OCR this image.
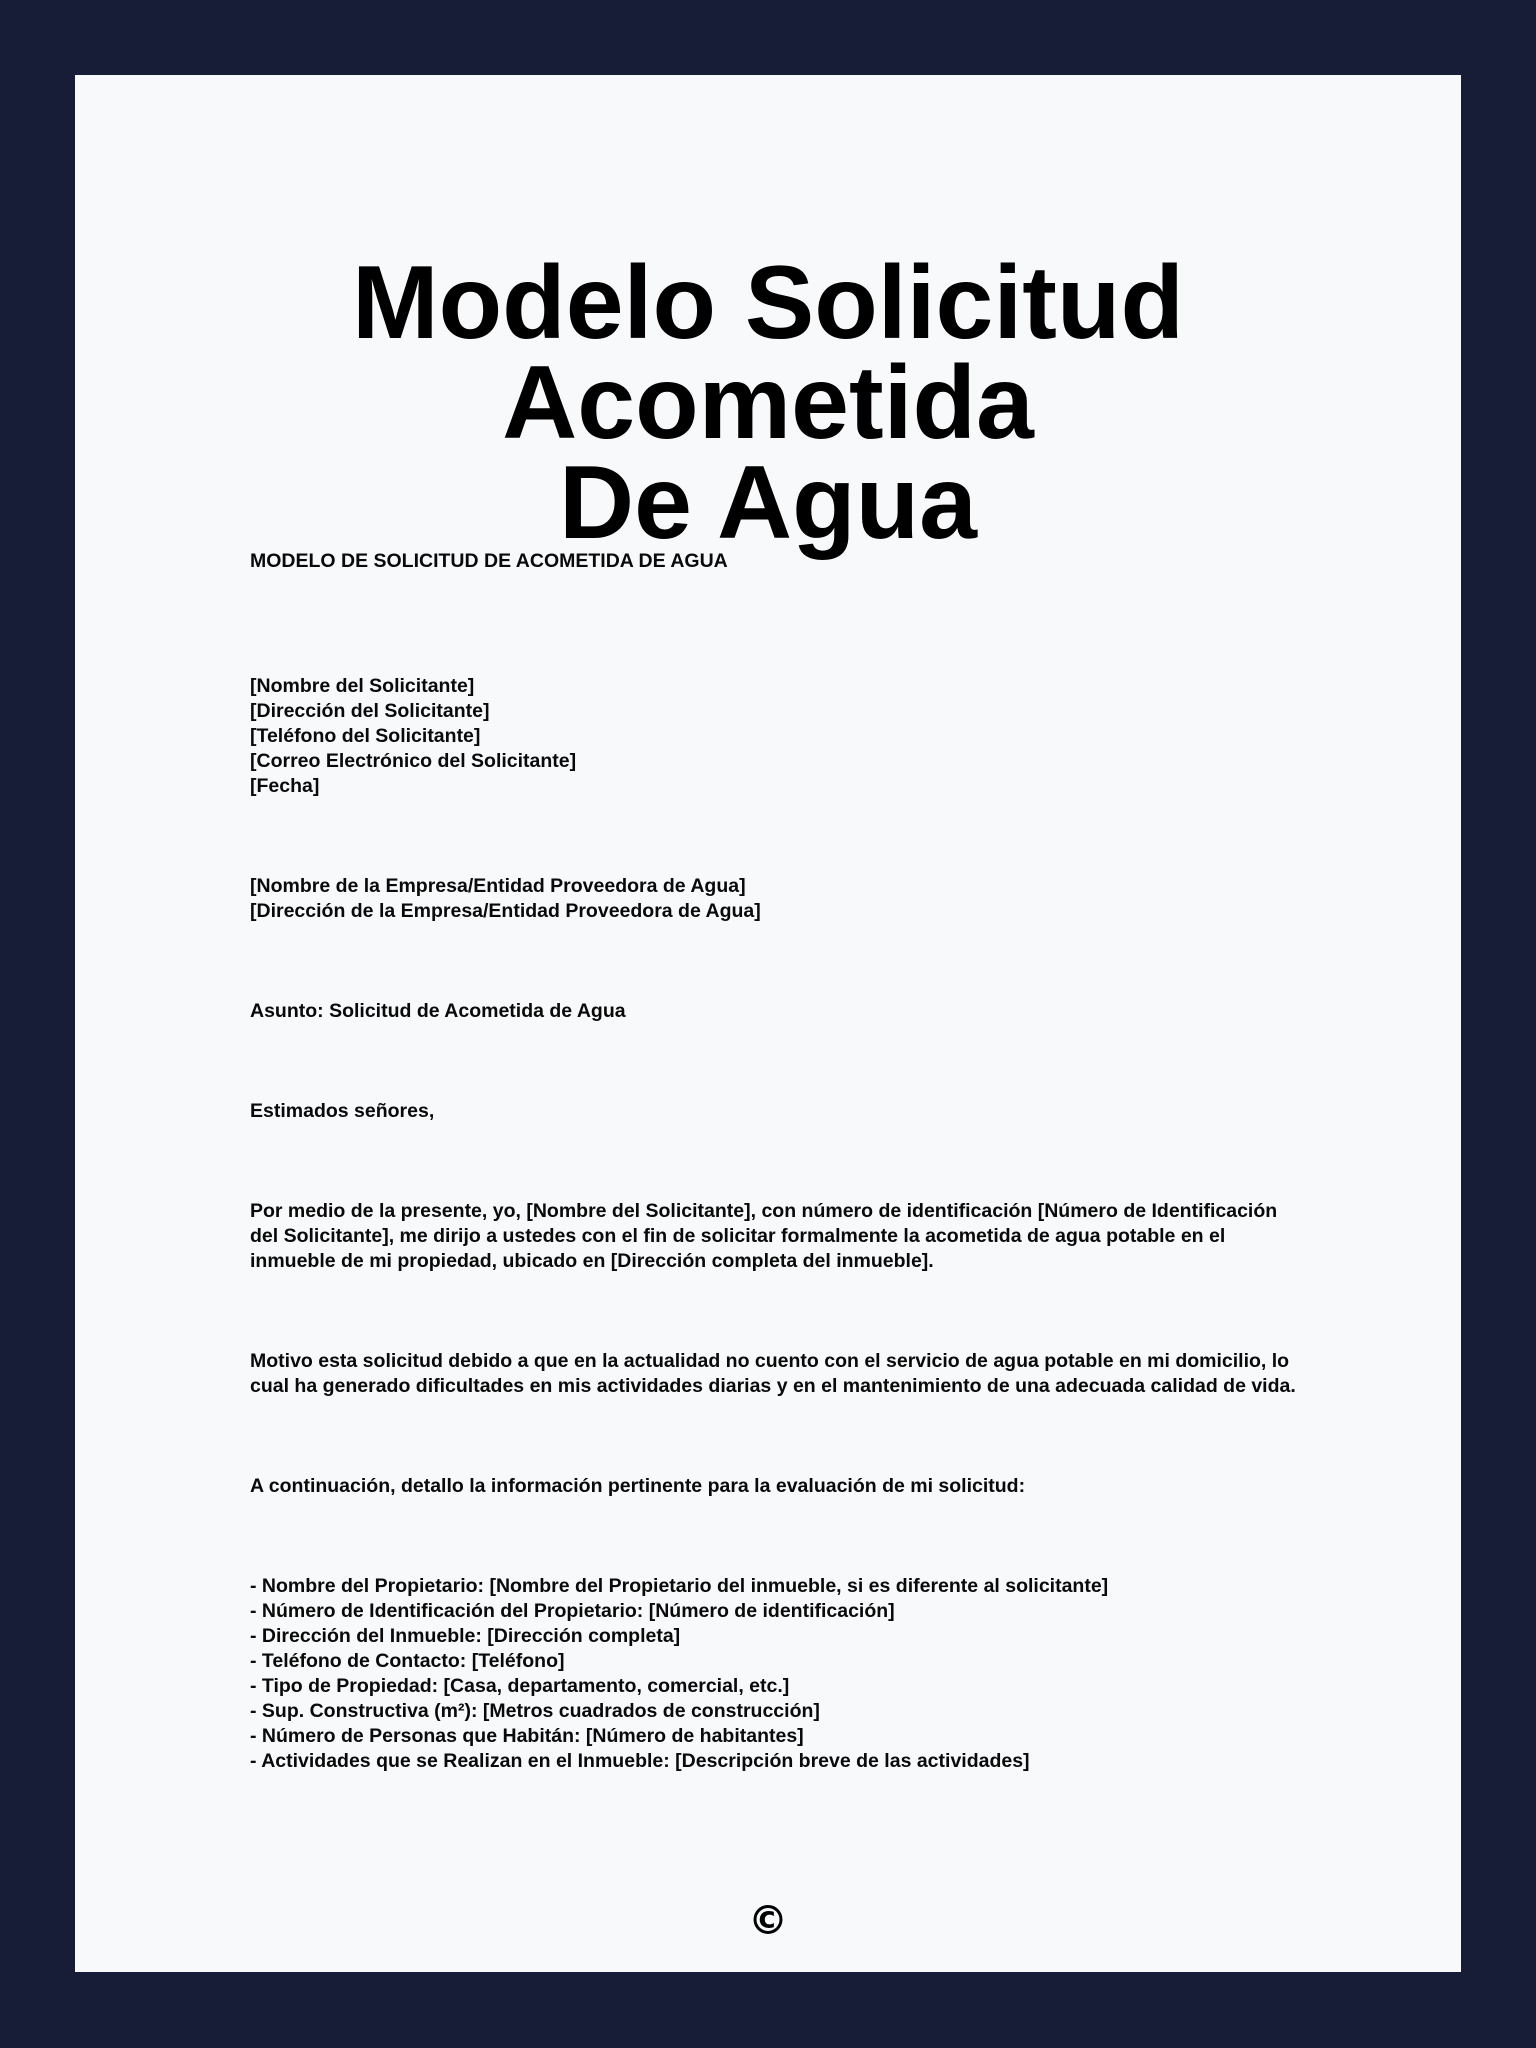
Modelo Solicitud Acometida
De Agua

MODELO DE SOLICITUD DE ACOMETIDA DE AGUA

[Nombre del Solicitante]
[Dirección del Solicitante]
[Teléfono del Solicitante]
[Correo Electrónico del Solicitante]
[Fecha]
[Nombre de la Empresa/Entidad Proveedora de Agua]
[Dirección de la Empresa/Entidad Proveedora de Agua]

Asunto: Solicitud de Acometida de Agua

Estimados señores,

Por medio de la presente, yo, [Nombre del Solicitante], con número de identificación [Número de Identificación del Solicitante], me dirijo a ustedes con el fin de solicitar formalmente la acometida de agua potable en el inmueble de mi propiedad, ubicado en [Dirección completa del inmueble].

Motivo esta solicitud debido a que en la actualidad no cuento con el servicio de agua potable en mi domicilio, lo cual ha generado dificultades en mis actividades diarias y en el mantenimiento de una adecuada calidad de vida.

A continuación, detallo la información pertinente para la evaluación de mi solicitud:

- Nombre del Propietario: [Nombre del Propietario del inmueble, si es diferente al solicitante]
- Número de Identificación del Propietario: [Número de identificación]
- Dirección del Inmueble: [Dirección completa]
- Teléfono de Contacto: [Teléfono]
- Tipo de Propiedad: [Casa, departamento, comercial, etc.]
- Sup. Constructiva (m²): [Metros cuadrados de construcción]
- Número de Personas que Habitán: [Número de habitantes]
- Actividades que se Realizan en el Inmueble: [Descripción breve de las actividades]
©
